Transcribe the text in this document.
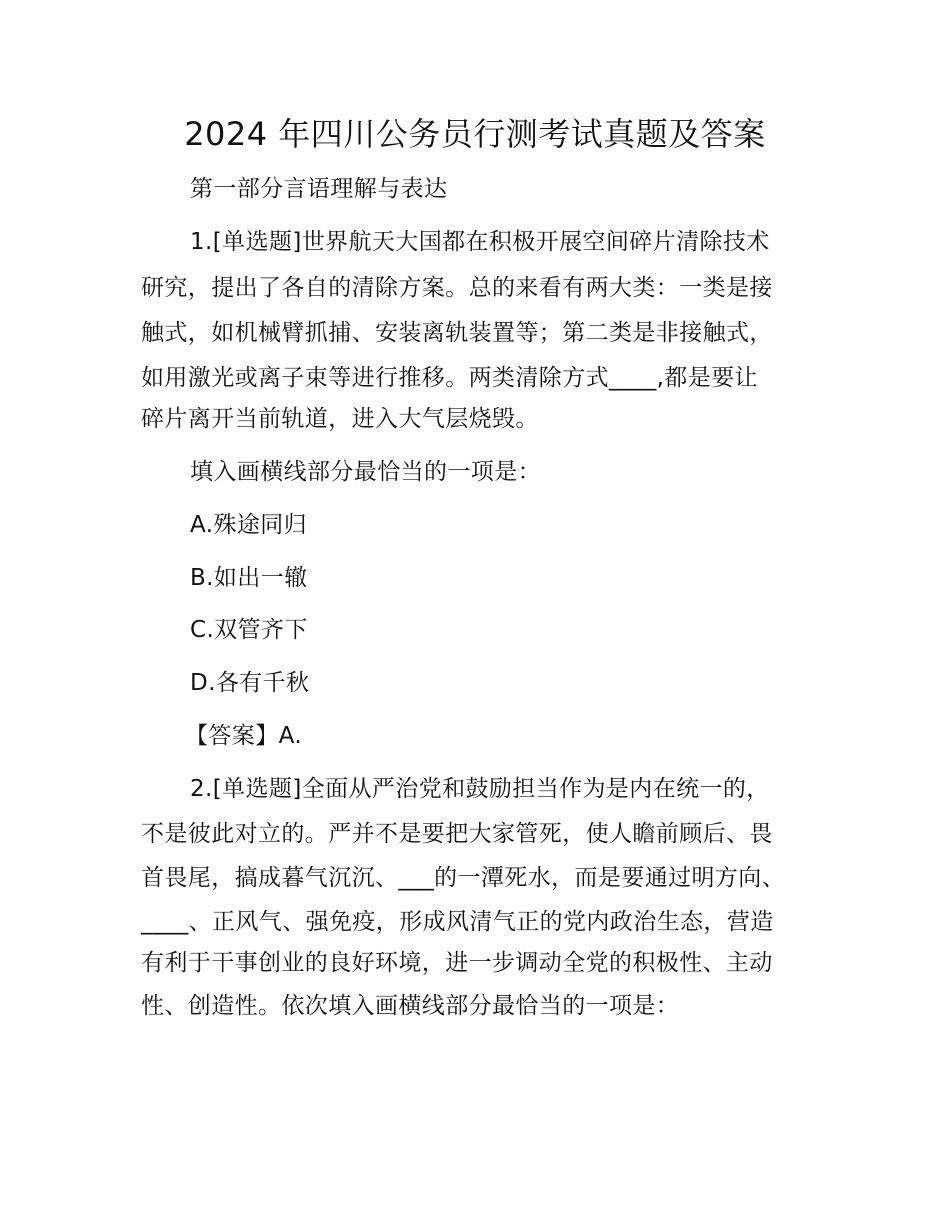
2024 年四川公务员行测考试真题及答案
第一部分言语理解与表达
1.[单选题]世界航天大国都在积极开展空间碎片清除技术
研究，提出了各自的清除方案。总的来看有两大类：一类是接
触式，如机械臂抓捕、安装离轨装置等；第二类是非接触式，
如用激光或离子束等进行推移。两类清除方式____,都是要让
碎片离开当前轨道，进入大气层烧毁。
填入画横线部分最恰当的一项是：
A.殊途同归
B.如出一辙
C.双管齐下
D.各有千秋
【答案】A.
2.[单选题]全面从严治党和鼓励担当作为是内在统一的，
不是彼此对立的。严并不是要把大家管死，使人瞻前顾后、畏
首畏尾，搞成暮气沉沉、___的一潭死水，而是要通过明方向、
____、正风气、强免疫，形成风清气正的党内政治生态，营造
有利于干事创业的良好环境，进一步调动全党的积极性、主动
性、创造性。依次填入画横线部分最恰当的一项是：
